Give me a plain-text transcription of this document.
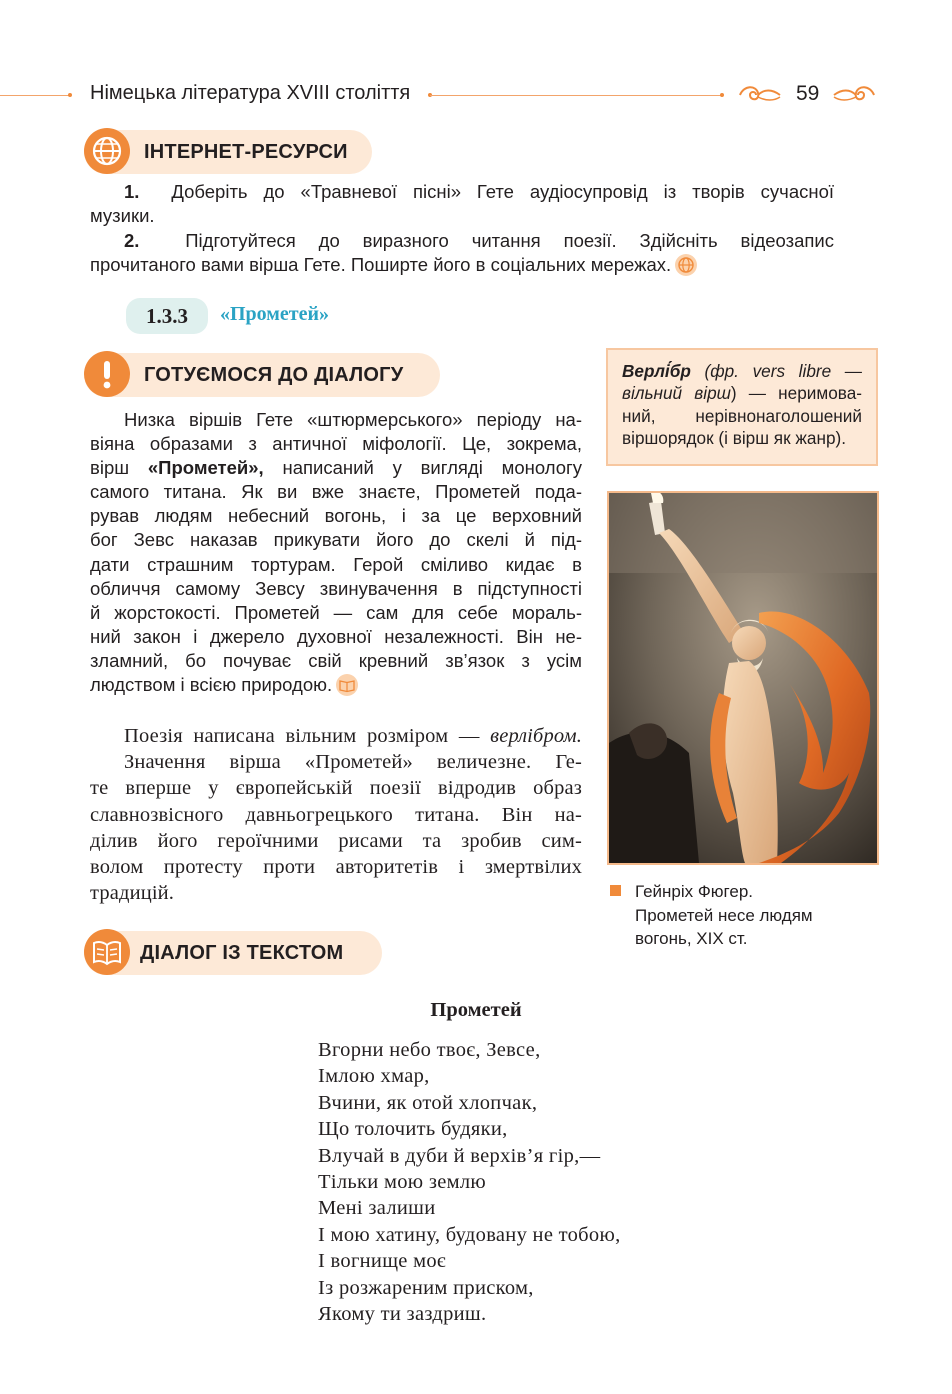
Німецька література XVIII століття	59
ІНТЕРНЕТ-РЕСУРСИ
1. Доберіть до «Травневої пісні» Гете аудіосупровід із творів сучасної
музики.
2. Підготуйтеся до виразного читання поезії. Здійсніть відеозапис
прочитаного вами вірша Гете. Поширте його в соціальних мережах.
1.3.3	«Прометей»
ГОТУЄМОСЯ ДО ДІАЛОГУ
Низка віршів Гете «штюрмерського» періоду на-
віяна образами з античної міфології. Це, зокрема,
вірш «Прометей», написаний у вигляді монологу
самого титана. Як ви вже знаєте, Прометей пода-
рував людям небесний вогонь, і за це верховний
бог Зевс наказав прикувати його до скелі й під-
дати страшним тортурам. Герой сміливо кидає в
обличчя самому Зевсу звинувачення в підступності
й жорстокості. Прометей — сам для себе мораль-
ний закон і джерело духовної незалежності. Він не-
зламний, бо почуває свій кревний зв’язок з усім
людством і всією природою.
Поезія написана вільним розміром — верлібром.
Значення вірша «Прометей» величезне. Ге-
те вперше у європейській поезії відродив образ
славнозвісного давньогрецького титана. Він на-
ділив його героїчними рисами та зробив сим-
волом протесту проти авторитетів і змертвілих
традицій.
Верлі́бр (фр. vers libre —
вільний вірш) — неримова-
ний, нерівнонаголошений
віршорядок (і вірш як жанр).
Гейнріх Фюгер.
Прометей несе людям
вогонь, XIX ст.
ДІАЛОГ ІЗ ТЕКСТОМ
Прометей
Вгорни небо твоє, Зевсе,
Імлою хмар,
Вчини, як отой хлопчак,
Що толочить будяки,
Влучай в дуби й верхів’я гір,—
Тільки мою землю
Мені залиши
І мою хатину, будовану не тобою,
І вогнище моє
Із розжареним приском,
Якому ти заздриш.
